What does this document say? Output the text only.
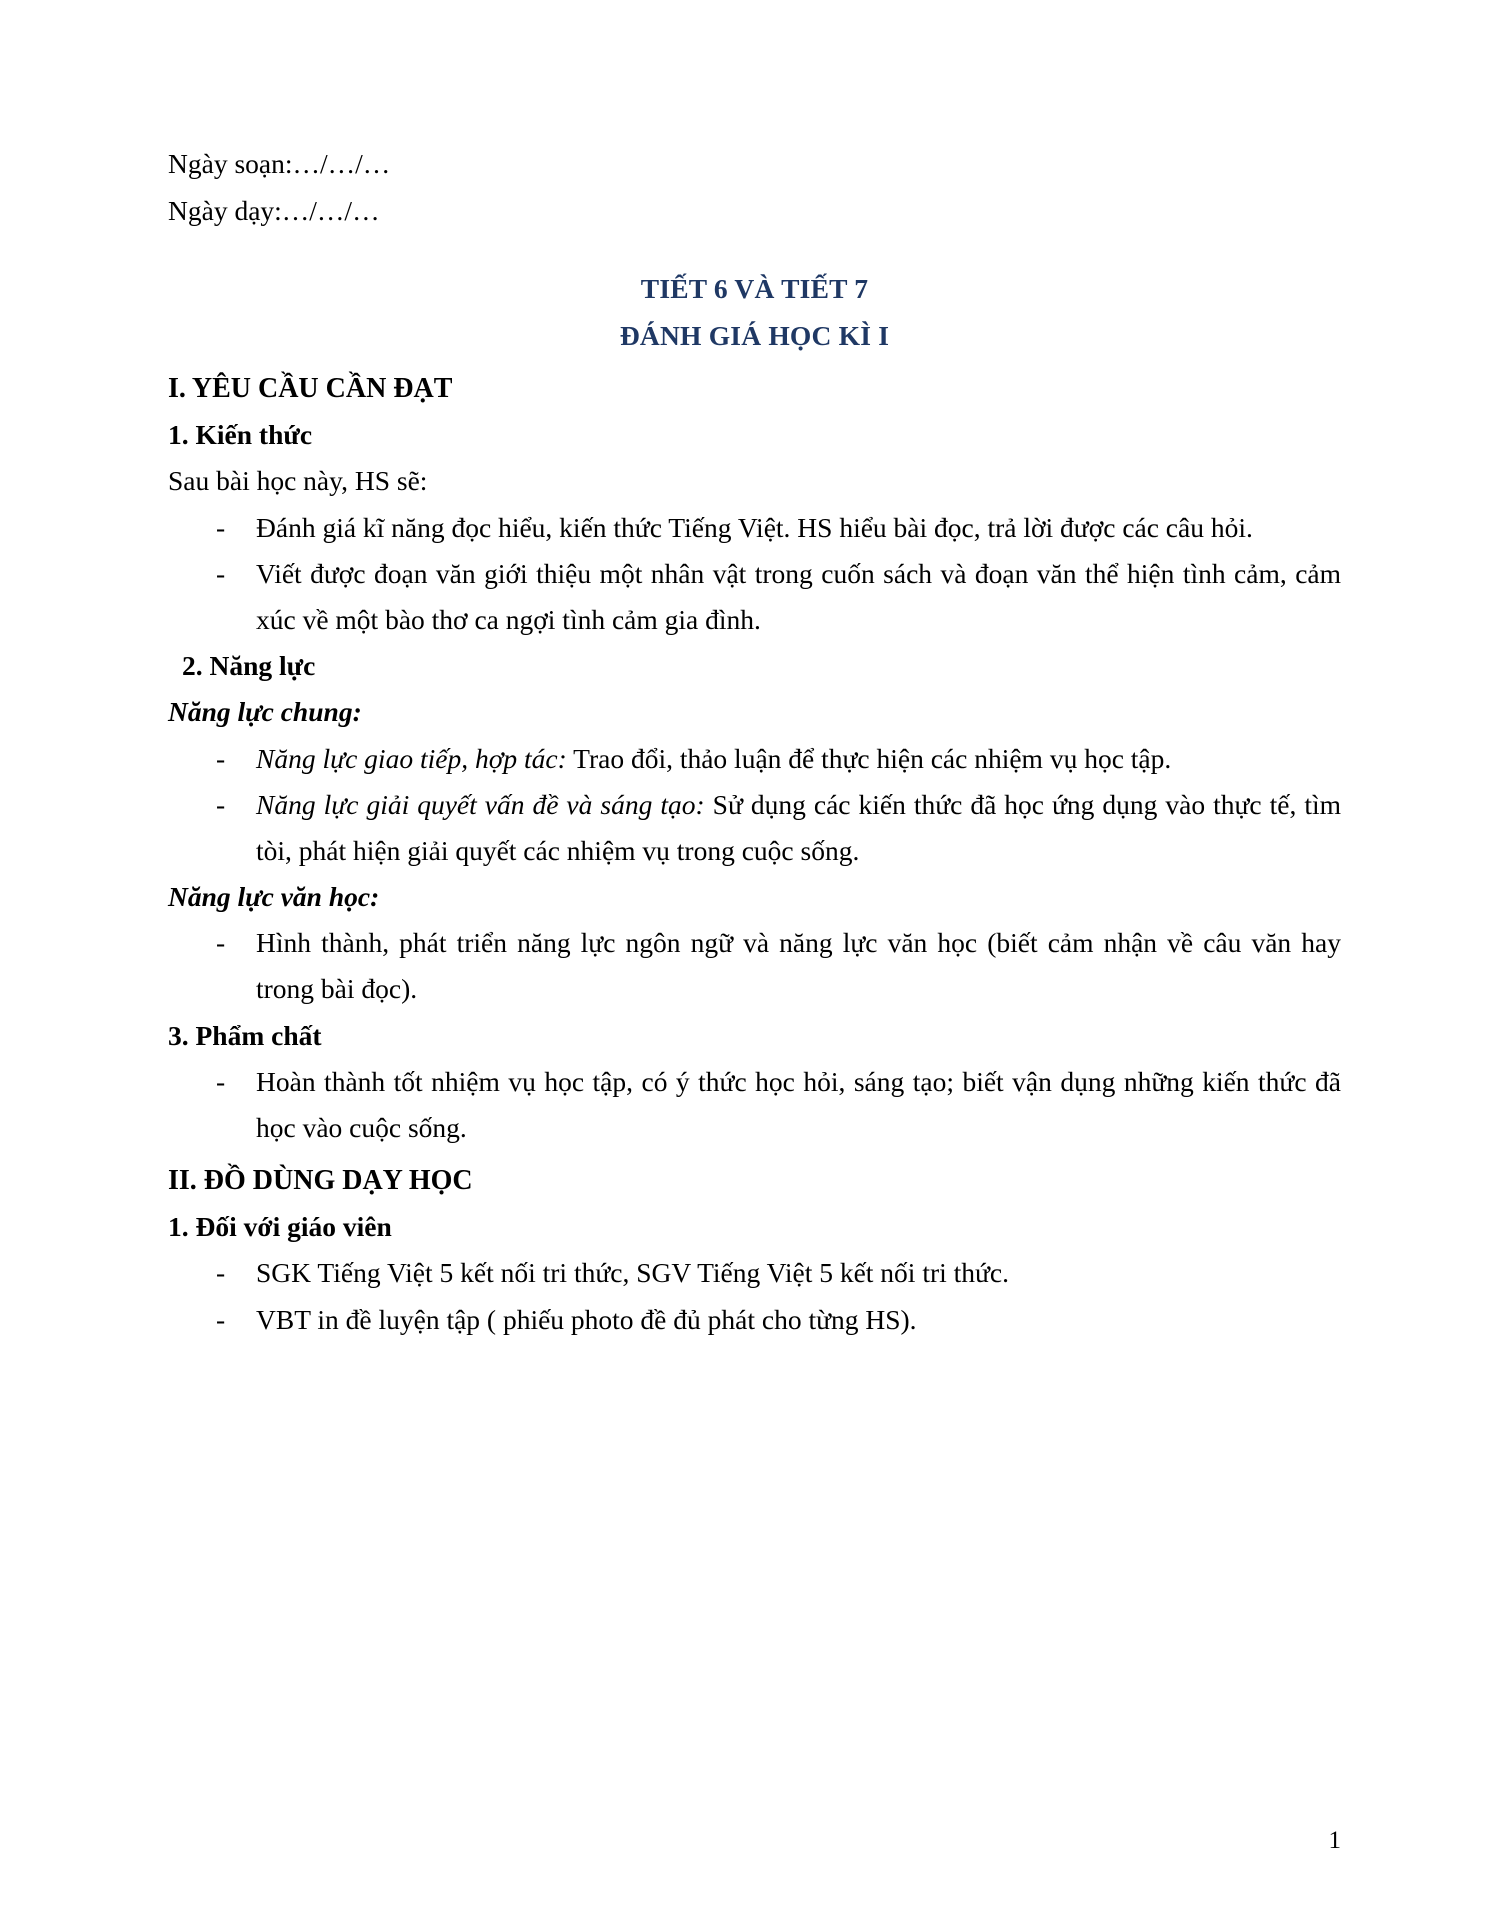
Ngày soạn:…/…/…
Ngày dạy:…/…/…
TIẾT 6 VÀ TIẾT 7
ĐÁNH GIÁ HỌC KÌ I
I. YÊU CẦU CẦN ĐẠT
1. Kiến thức
Sau bài học này, HS sẽ:
- Đánh giá kĩ năng đọc hiểu, kiến thức Tiếng Việt. HS hiểu bài đọc, trả lời được các câu hỏi.
- Viết được đoạn văn giới thiệu một nhân vật trong cuốn sách và đoạn văn thể hiện tình cảm, cảm xúc về một bào thơ ca ngợi tình cảm gia đình.
2. Năng lực
Năng lực chung:
- Năng lực giao tiếp, hợp tác: Trao đổi, thảo luận để thực hiện các nhiệm vụ học tập.
- Năng lực giải quyết vấn đề và sáng tạo: Sử dụng các kiến thức đã học ứng dụng vào thực tế, tìm tòi, phát hiện giải quyết các nhiệm vụ trong cuộc sống.
Năng lực văn học:
- Hình thành, phát triển năng lực ngôn ngữ và năng lực văn học (biết cảm nhận về câu văn hay trong bài đọc).
3. Phẩm chất
- Hoàn thành tốt nhiệm vụ học tập, có ý thức học hỏi, sáng tạo; biết vận dụng những kiến thức đã học vào cuộc sống.
II. ĐỒ DÙNG DẠY HỌC
1. Đối với giáo viên
- SGK Tiếng Việt 5 kết nối tri thức, SGV Tiếng Việt 5 kết nối tri thức.
- VBT in đề luyện tập ( phiếu photo đề đủ phát cho từng HS).
1
